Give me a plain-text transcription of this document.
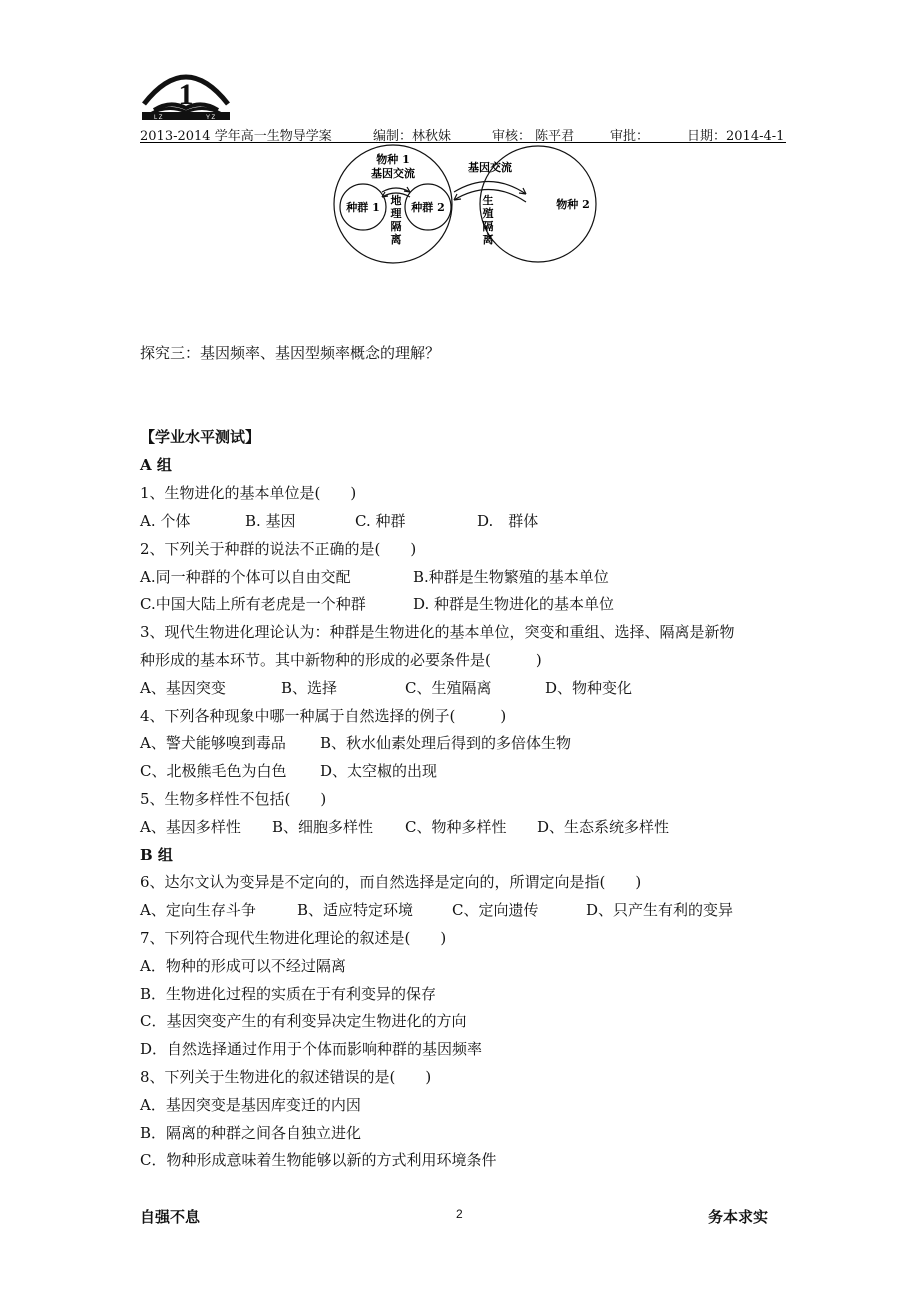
1
L Z	Y Z
2013-2014 学年高一生物导学案	编制：林秋妹	审核： 陈平君	审批：	日期：2014-4-1
物种 1
基因交流
种群 1	种群 2
地
理
隔
离
基因交流
生
殖
隔
离
物种 2
探究三：基因频率、基因型频率概念的理解？
【学业水平测试】
A 组
1、生物进化的基本单位是(　　)
A. 个体	B. 基因	C. 种群	D.　群体
2、下列关于种群的说法不正确的是(　　)
A.同一种群的个体可以自由交配	B.种群是生物繁殖的基本单位
C.中国大陆上所有老虎是一个种群	D. 种群是生物进化的基本单位
3、现代生物进化理论认为：种群是生物进化的基本单位，突变和重组、选择、隔离是新物
种形成的基本环节。其中新物种的形成的必要条件是(　　　)
A、基因突变	B、选择	C、生殖隔离	D、物种变化
4、下列各种现象中哪一种属于自然选择的例子(　　　)
A、警犬能够嗅到毒品 B、秋水仙素处理后得到的多倍体生物
C、北极熊毛色为白色 D、太空椒的出现
5、生物多样性不包括(　　)
A、基因多样性 B、细胞多样性 C、物种多样性 D、生态系统多样性
B 组
6、达尔文认为变异是不定向的，而自然选择是定向的，所谓定向是指(　　)
A、定向生存斗争	B、适应特定环境	C、定向遗传	D、只产生有利的变异
7、下列符合现代生物进化理论的叙述是(　　)
A．物种的形成可以不经过隔离
B．生物进化过程的实质在于有利变异的保存
C．基因突变产生的有利变异决定生物进化的方向
D．自然选择通过作用于个体而影响种群的基因频率
8、下列关于生物进化的叙述错误的是(　　)
A．基因突变是基因库变迁的内因
B．隔离的种群之间各自独立进化
C．物种形成意味着生物能够以新的方式利用环境条件
自强不息	2	务本求实
